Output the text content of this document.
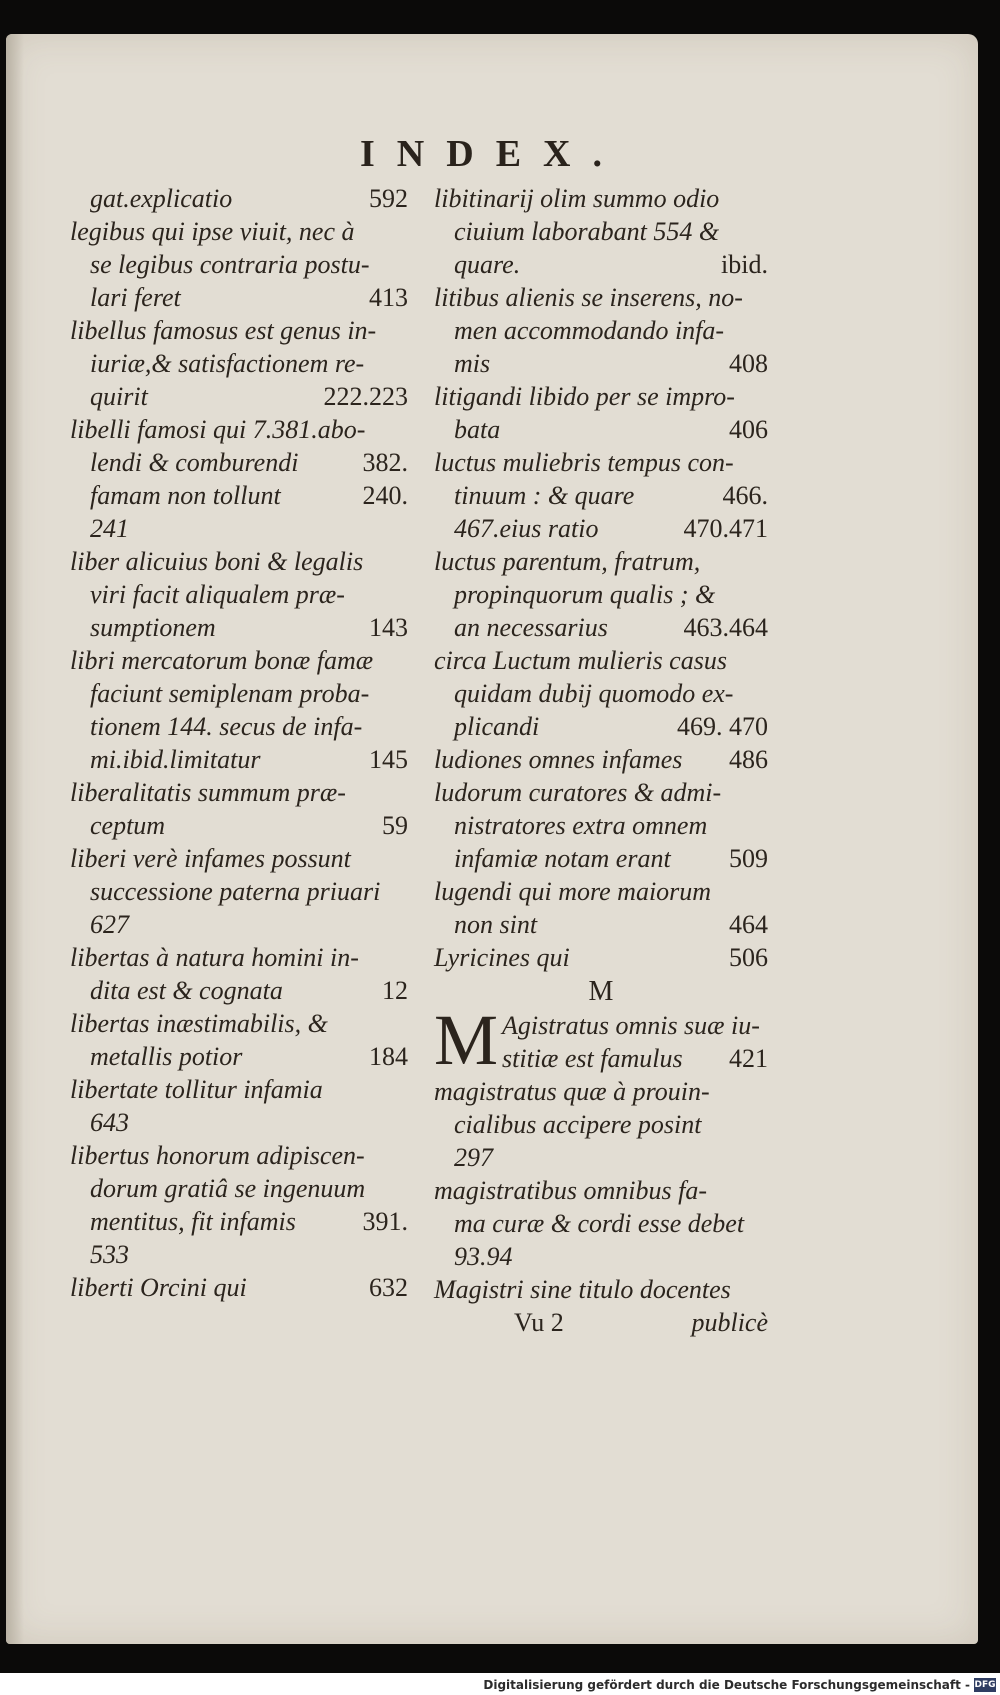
INDEX.
gat.explicatio	592
legibus qui ipse viuit, nec à
se legibus contraria postu-
lari feret	413
libellus famosus est genus in-
iuriæ,& satisfactionem re-
quirit	222.223
libelli famosi qui 7.381.abo-
lendi & comburendi	382.
famam non tollunt	240.
241
liber alicuius boni & legalis
viri facit aliqualem præ-
sumptionem	143
libri mercatorum bonæ famæ
faciunt semiplenam proba-
tionem 144. secus de infa-
mi.ibid.limitatur	145
liberalitatis summum præ-
ceptum	59
liberi verè infames possunt
successione paterna priuari
627
libertas à natura homini in-
dita est & cognata	12
libertas inæstimabilis, &
metallis potior	184
libertate tollitur infamia
643
libertus honorum adipiscen-
dorum gratiâ se ingenuum
mentitus, fit infamis	391.
533
liberti Orcini qui	632
libitinarij olim summo odio
ciuium laborabant 554 &
quare.	ibid.
litibus alienis se inserens, no-
men accommodando infa-
mis	408
litigandi libido per se impro-
bata	406
luctus muliebris tempus con-
tinuum : & quare	466.
467.eius ratio	470.471
luctus parentum, fratrum,
propinquorum qualis ; &
an necessarius	463.464
circa Luctum mulieris casus
quidam dubij quomodo ex-
plicandi	469. 470
ludiones omnes infames	486
ludorum curatores & admi-
nistratores extra omnem
infamiæ notam erant	509
lugendi qui more maiorum
non sint	464
Lyricines qui	506
M
M Agistratus omnis suæ iu-
stitiæ est famulus	421
magistratus quæ à prouin-
cialibus accipere posint
297
magistratibus omnibus fa-
ma curæ & cordi esse debet
93.94
Magistri sine titulo docentes
Vu 2	publicè
Digitalisierung gefördert durch die Deutsche Forschungsgemeinschaft - DFG
